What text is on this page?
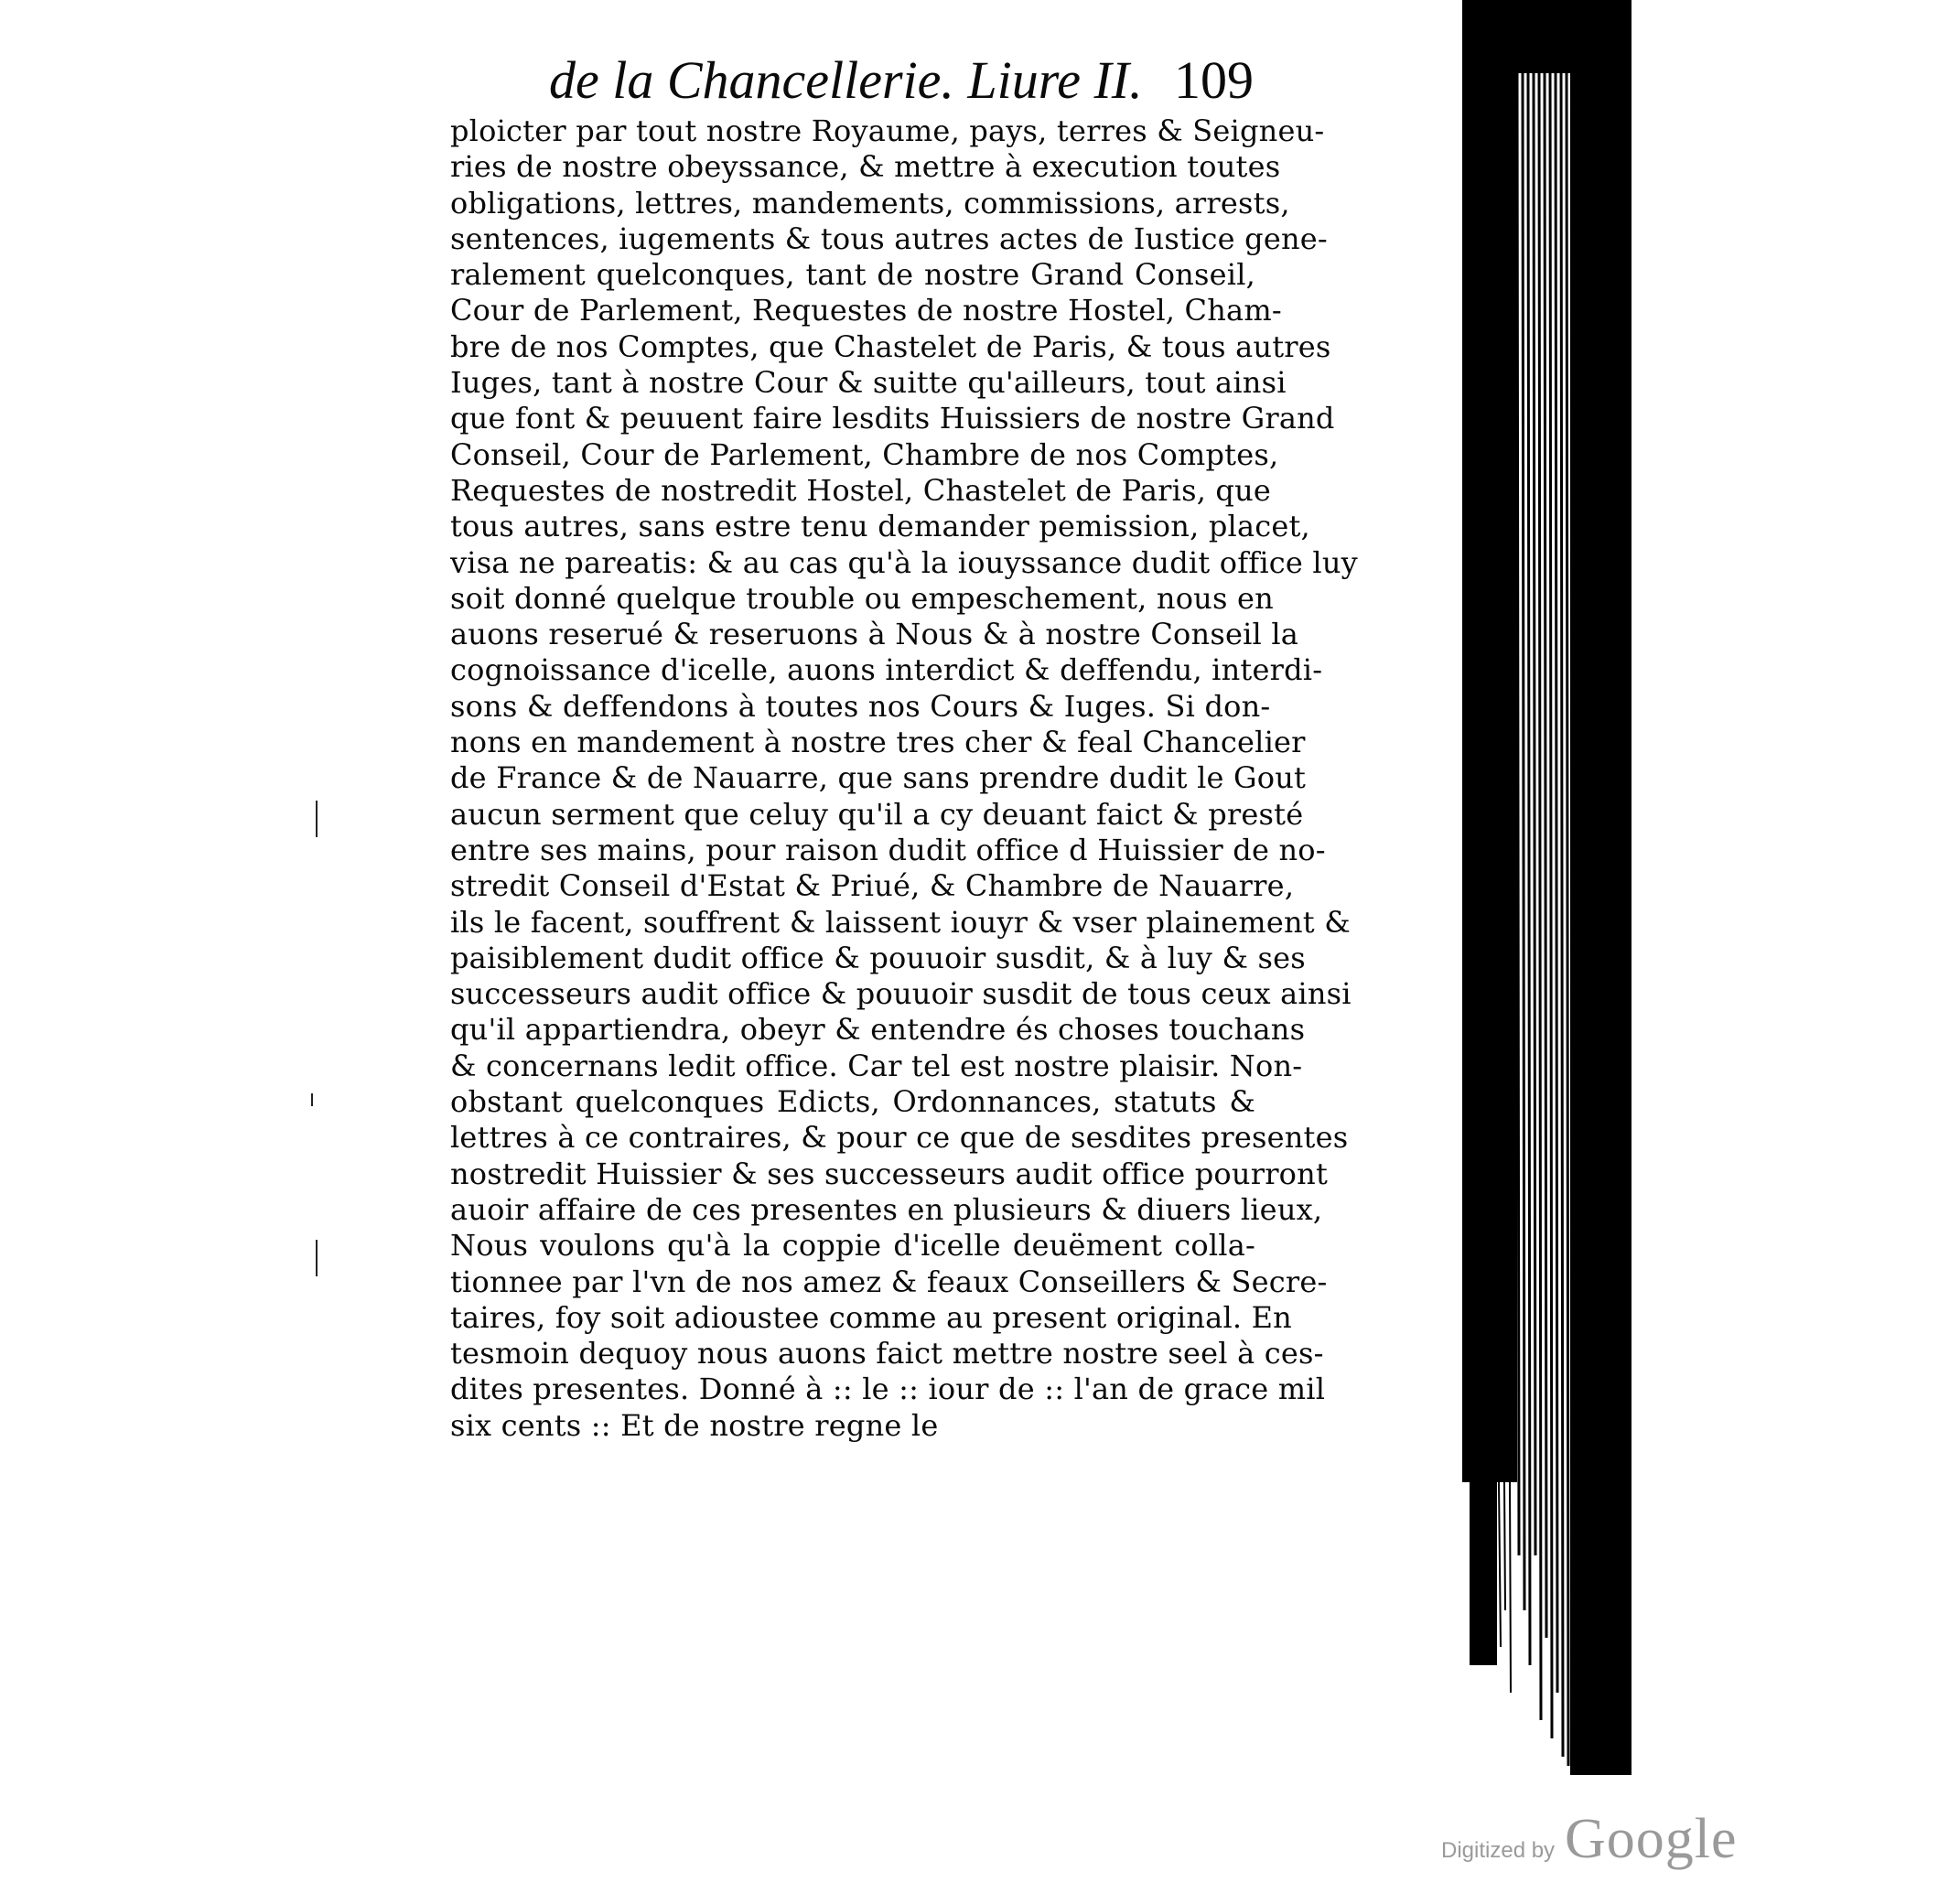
de la Chancellerie. Liure II. 109
ploicter par tout nostre Royaume, pays, terres & Seigneu-
ries de nostre obeyssance, & mettre à execution toutes
obligations, lettres, mandements, commissions, arrests,
sentences, iugements & tous autres actes de Iustice gene-
ralement quelconques, tant de nostre Grand Conseil,
Cour de Parlement, Requestes de nostre Hostel, Cham-
bre de nos Comptes, que Chastelet de Paris, & tous autres
Iuges, tant à nostre Cour & suitte qu'ailleurs, tout ainsi
que font & peuuent faire lesdits Huissiers de nostre Grand
Conseil, Cour de Parlement, Chambre de nos Comptes,
Requestes de nostredit Hostel, Chastelet de Paris, que
tous autres, sans estre tenu demander pemission, placet,
visa ne pareatis: & au cas qu'à la iouyssance dudit office luy
soit donné quelque trouble ou empeschement, nous en
auons reserué & reseruons à Nous & à nostre Conseil la
cognoissance d'icelle, auons interdict & deffendu, interdi-
sons & deffendons à toutes nos Cours & Iuges. Si don-
nons en mandement à nostre tres cher & feal Chancelier
de France & de Nauarre, que sans prendre dudit le Gout
aucun serment que celuy qu'il a cy deuant faict & presté
entre ses mains, pour raison dudit office d Huissier de no-
stredit Conseil d'Estat & Priué, & Chambre de Nauarre,
ils le facent, souffrent & laissent iouyr & vser plainement &
paisiblement dudit office & pouuoir susdit, & à luy & ses
successeurs audit office & pouuoir susdit de tous ceux ainsi
qu'il appartiendra, obeyr & entendre és choses touchans
& concernans ledit office. Car tel est nostre plaisir. Non-
obstant quelconques Edicts, Ordonnances, statuts &
lettres à ce contraires, & pour ce que de sesdites presentes
nostredit Huissier & ses successeurs audit office pourront
auoir affaire de ces presentes en plusieurs & diuers lieux,
Nous voulons qu'à la coppie d'icelle deuëment colla-
tionnee par l'vn de nos amez & feaux Conseillers & Secre-
taires, foy soit adioustee comme au present original. En
tesmoin dequoy nous auons faict mettre nostre seel à ces-
dites presentes. Donné à :: le :: iour de :: l'an de grace mil
six cents :: Et de nostre regne le
Digitized by Google
